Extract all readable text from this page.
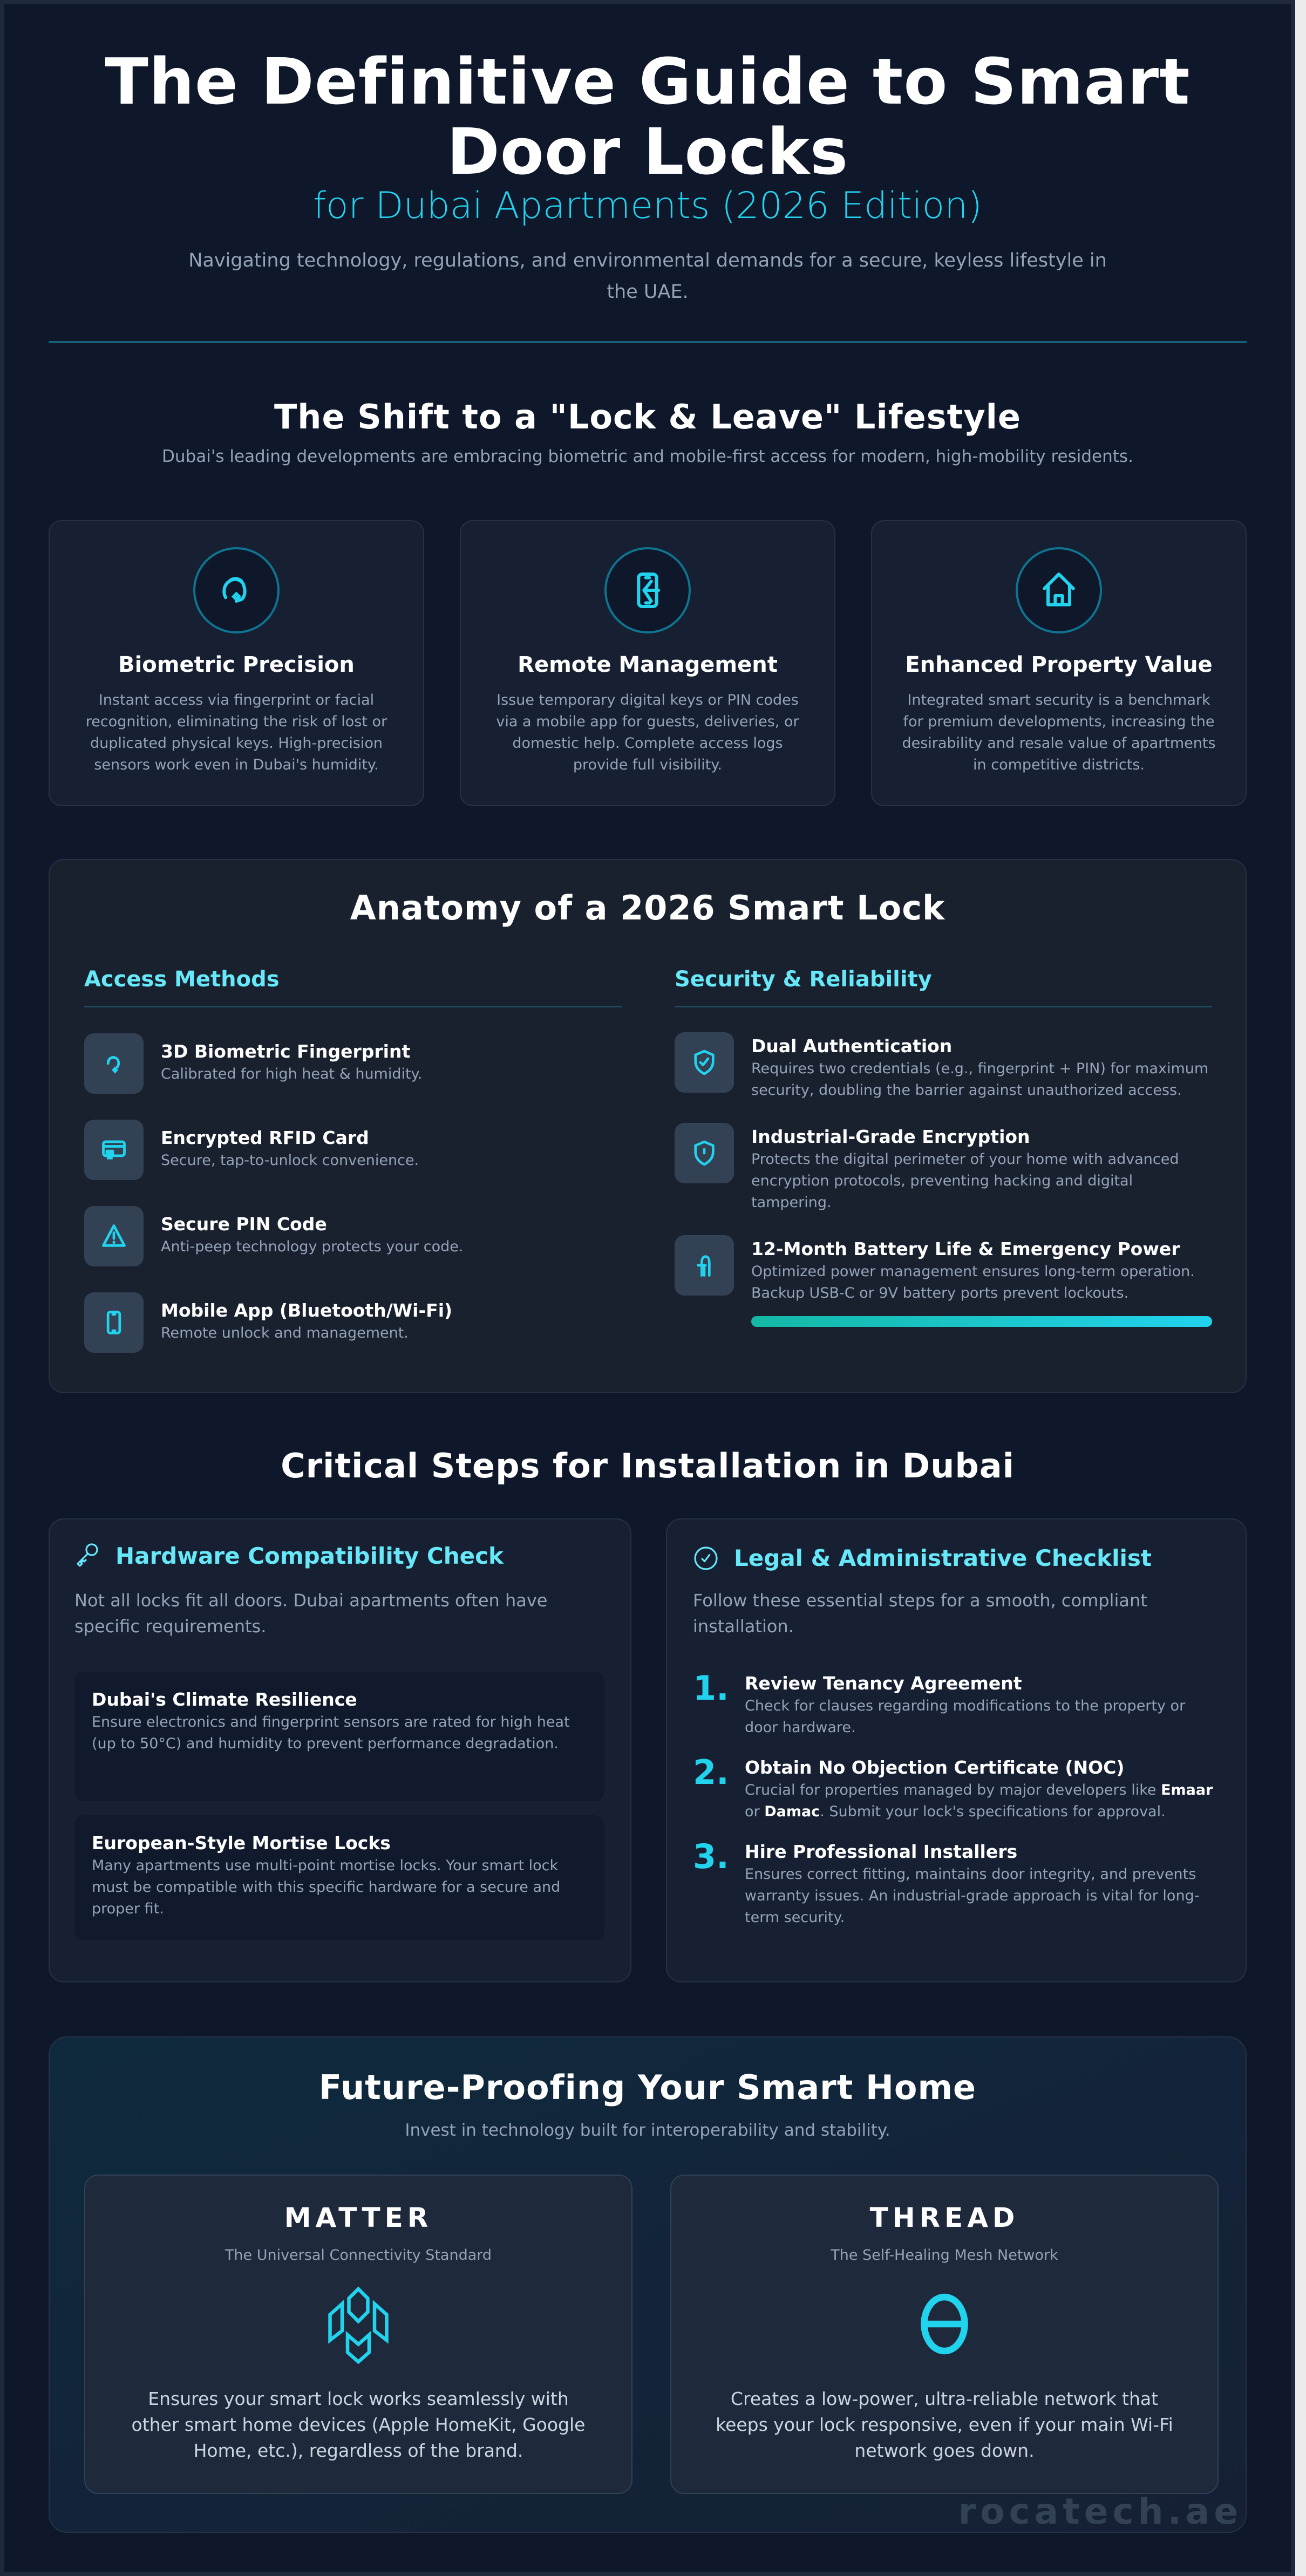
The Definitive Guide to Smart
Door Locks
for Dubai Apartments (2026 Edition)
Navigating technology, regulations, and environmental demands for a secure, keyless lifestyle in
the UAE.
The Shift to a "Lock & Leave" Lifestyle
Dubai's leading developments are embracing biometric and mobile-first access for modern, high-mobility residents.
Biometric Precision
Instant access via fingerprint or facial recognition, eliminating the risk of lost or duplicated physical keys. High-precision sensors work even in Dubai's humidity.
Remote Management
Issue temporary digital keys or PIN codes via a mobile app for guests, deliveries, or domestic help. Complete access logs provide full visibility.
Enhanced Property Value
Integrated smart security is a benchmark for premium developments, increasing the desirability and resale value of apartments in competitive districts.
Anatomy of a 2026 Smart Lock
Access Methods
3D Biometric Fingerprint
Calibrated for high heat & humidity.
Encrypted RFID Card
Secure, tap-to-unlock convenience.
Secure PIN Code
Anti-peep technology protects your code.
Mobile App (Bluetooth/Wi-Fi)
Remote unlock and management.
Security & Reliability
Dual Authentication
Requires two credentials (e.g., fingerprint + PIN) for maximum security, doubling the barrier against unauthorized access.
Industrial-Grade Encryption
Protects the digital perimeter of your home with advanced encryption protocols, preventing hacking and digital tampering.
12-Month Battery Life & Emergency Power
Optimized power management ensures long-term operation. Backup USB-C or 9V battery ports prevent lockouts.
Critical Steps for Installation in Dubai
Hardware Compatibility Check
Not all locks fit all doors. Dubai apartments often have specific requirements.
Dubai's Climate Resilience
Ensure electronics and fingerprint sensors are rated for high heat (up to 50°C) and humidity to prevent performance degradation.
European-Style Mortise Locks
Many apartments use multi-point mortise locks. Your smart lock must be compatible with this specific hardware for a secure and proper fit.
Legal & Administrative Checklist
Follow these essential steps for a smooth, compliant installation.
1. Review Tenancy Agreement
Check for clauses regarding modifications to the property or door hardware.
2. Obtain No Objection Certificate (NOC)
Crucial for properties managed by major developers like Emaar or Damac. Submit your lock's specifications for approval.
3. Hire Professional Installers
Ensures correct fitting, maintains door integrity, and prevents warranty issues. An industrial-grade approach is vital for long-term security.
Future-Proofing Your Smart Home
Invest in technology built for interoperability and stability.
MATTER
The Universal Connectivity Standard
Ensures your smart lock works seamlessly with other smart home devices (Apple HomeKit, Google Home, etc.), regardless of the brand.
THREAD
The Self-Healing Mesh Network
Creates a low-power, ultra-reliable network that keeps your lock responsive, even if your main Wi-Fi network goes down.
rocatech.ae
